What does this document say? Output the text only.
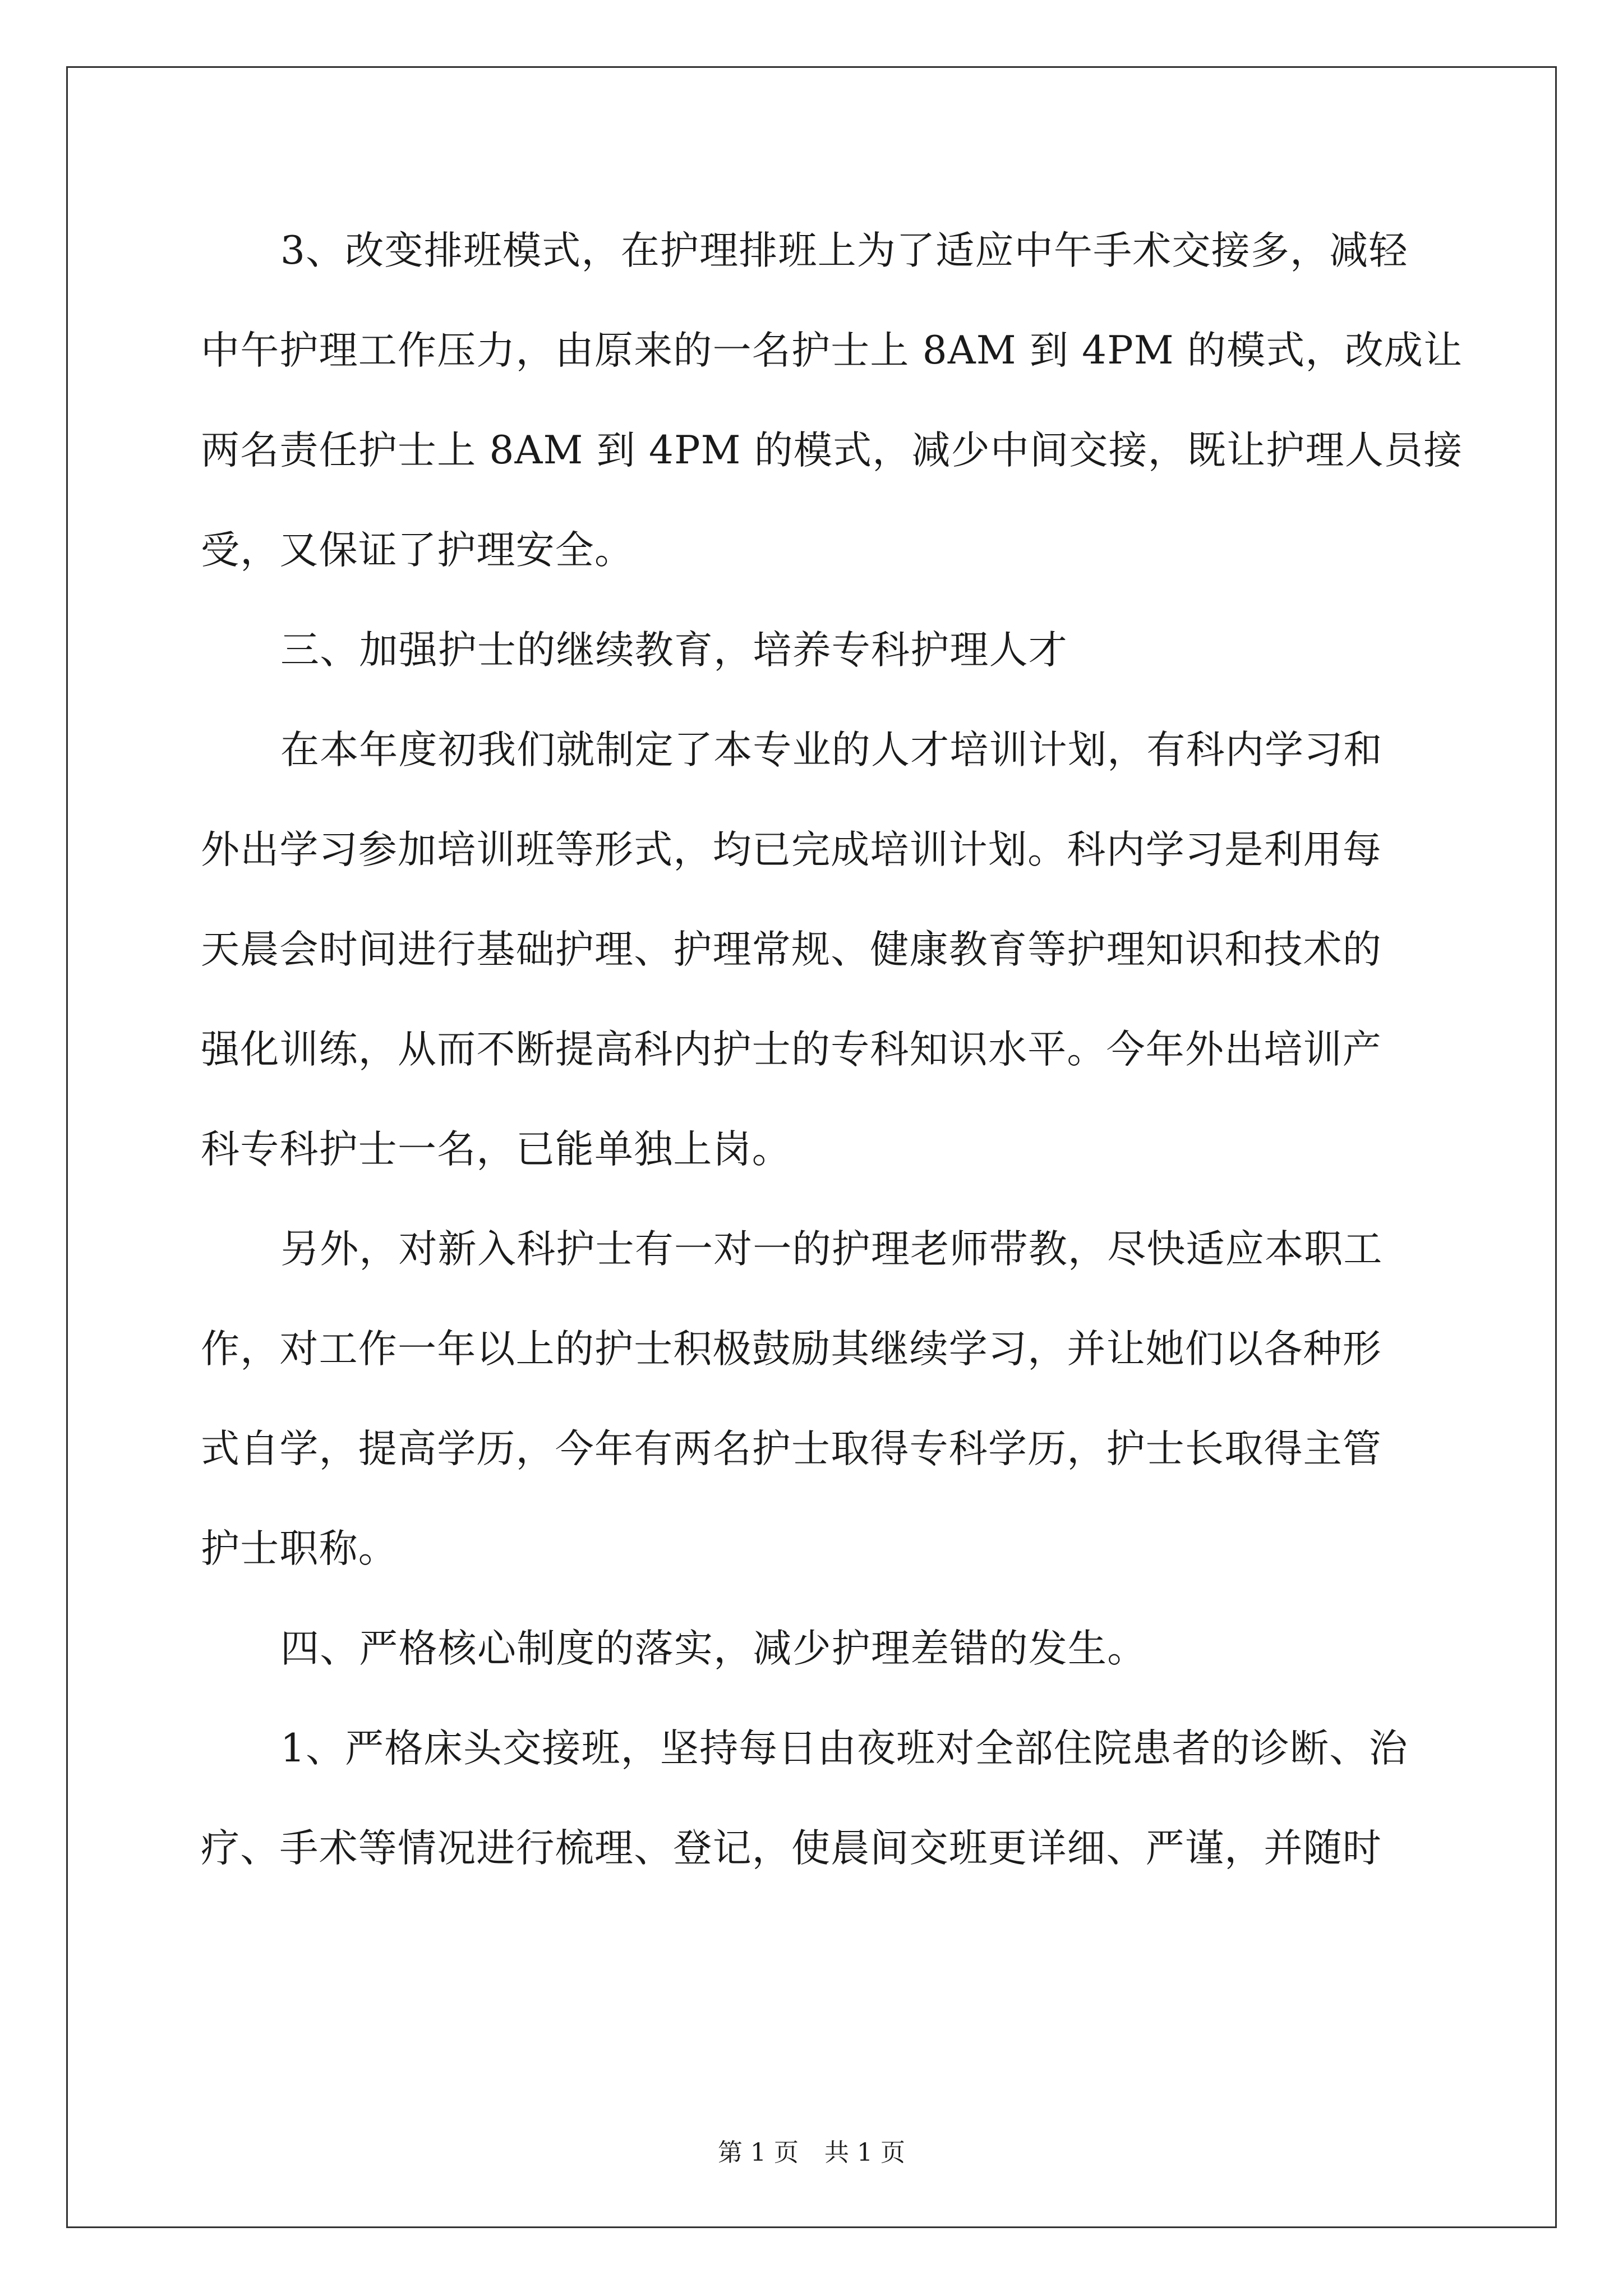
3、改变排班模式，在护理排班上为了适应中午手术交接多，减轻
中午护理工作压力，由原来的一名护士上 8AM 到 4PM 的模式，改成让
两名责任护士上 8AM 到 4PM 的模式，减少中间交接，既让护理人员接
受，又保证了护理安全。
三、加强护士的继续教育，培养专科护理人才
在本年度初我们就制定了本专业的人才培训计划，有科内学习和
外出学习参加培训班等形式，均已完成培训计划。科内学习是利用每
天晨会时间进行基础护理、护理常规、健康教育等护理知识和技术的
强化训练，从而不断提高科内护士的专科知识水平。今年外出培训产
科专科护士一名，已能单独上岗。
另外，对新入科护士有一对一的护理老师带教，尽快适应本职工
作，对工作一年以上的护士积极鼓励其继续学习，并让她们以各种形
式自学，提高学历，今年有两名护士取得专科学历，护士长取得主管
护士职称。
四、严格核心制度的落实，减少护理差错的发生。
1、严格床头交接班，坚持每日由夜班对全部住院患者的诊断、治
疗、手术等情况进行梳理、登记，使晨间交班更详细、严谨，并随时
第 1 页 共 1 页
